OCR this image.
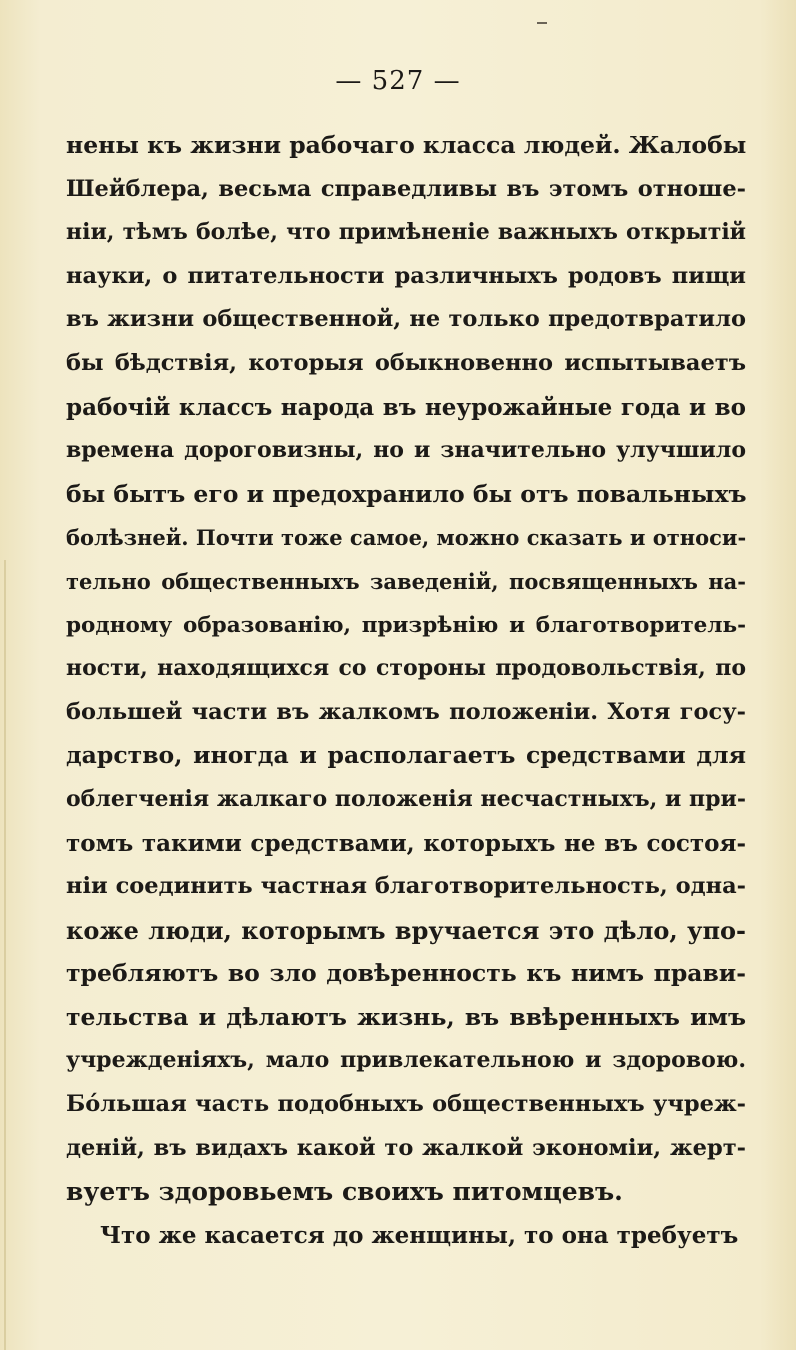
— 527 —
нены къ жизни рабочаго класса людей. Жалобы
Шейблера, весьма справедливы въ этомъ отноше-
ніи, тѣмъ болѣе, что примѣненіе важныхъ открытій
науки, о питательности различныхъ родовъ пищи
въ жизни общественной, не только предотвратило
бы бѣдствія, которыя обыкновенно испытываетъ
рабочій классъ народа въ неурожайные года и во
времена дороговизны, но и значительно улучшило
бы бытъ его и предохранило бы отъ повальныхъ
болѣзней. Почти тоже самое, можно сказать и относи-
тельно общественныхъ заведеній, посвященныхъ на-
родному образованію, призрѣнію и благотворитель-
ности, находящихся со стороны продовольствія, по
большей части въ жалкомъ положеніи. Хотя госу-
дарство, иногда и располагаетъ средствами для
облегченія жалкаго положенія несчастныхъ, и при-
томъ такими средствами, которыхъ не въ состоя-
ніи соединить частная благотворительность, одна-
коже люди, которымъ вручается это дѣло, упо-
требляютъ во зло довѣренность къ нимъ прави-
тельства и дѣлаютъ жизнь, въ ввѣренныхъ имъ
учрежденіяхъ, мало привлекательною и здоровою.
Бо́льшая часть подобныхъ общественныхъ учреж-
деній, въ видахъ какой то жалкой экономіи, жерт-
вуетъ здоровьемъ своихъ питомцевъ.
Что же касается до женщины, то она требуетъ
